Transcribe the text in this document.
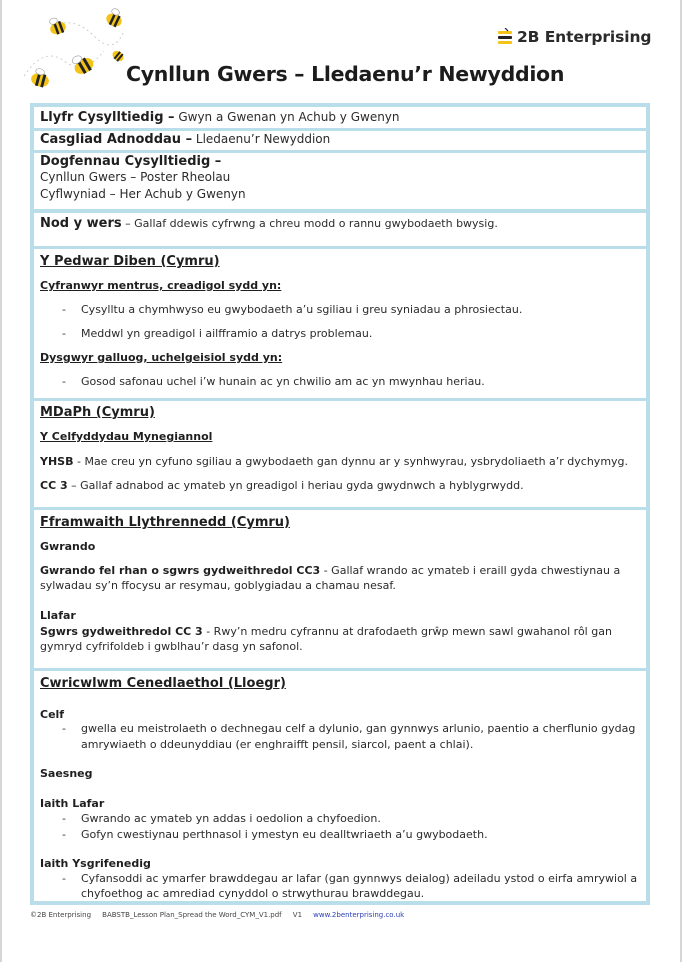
2B Enterprising
Cynllun Gwers – Lledaenu’r Newyddion
Llyfr Cysylltiedig – Gwyn a Gwenan yn Achub y Gwenyn
Casgliad Adnoddau – Lledaenu’r Newyddion
Dogfennau Cysylltiedig –
Cynllun Gwers – Poster Rheolau
Cyflwyniad – Her Achub y Gwenyn
Nod y wers – Gallaf ddewis cyfrwng a chreu modd o rannu gwybodaeth bwysig.
Y Pedwar Diben (Cymru)
Cyfranwyr mentrus, creadigol sydd yn:
- Cysylltu a chymhwyso eu gwybodaeth a’u sgiliau i greu syniadau a phrosiectau.
- Meddwl yn greadigol i ailfframio a datrys problemau.
Dysgwyr galluog, uchelgeisiol sydd yn:
- Gosod safonau uchel i’w hunain ac yn chwilio am ac yn mwynhau heriau.
MDaPh (Cymru)
Y Celfyddydau Mynegiannol
YHSB - Mae creu yn cyfuno sgiliau a gwybodaeth gan dynnu ar y synhwyrau, ysbrydoliaeth a’r dychymyg.
CC 3 – Gallaf adnabod ac ymateb yn greadigol i heriau gyda gwydnwch a hyblygrwydd.
Fframwaith Llythrennedd (Cymru)
Gwrando
Gwrando fel rhan o sgwrs gydweithredol CC3 - Gallaf wrando ac ymateb i eraill gyda chwestiynau a
sylwadau sy’n ffocysu ar resymau, goblygiadau a chamau nesaf.
Llafar
Sgwrs gydweithredol CC 3 - Rwy’n medru cyfrannu at drafodaeth grŵp mewn sawl gwahanol rôl gan
gymryd cyfrifoldeb i gwblhau’r dasg yn safonol.
Cwricwlwm Cenedlaethol (Lloegr)
Celf
- gwella eu meistrolaeth o dechnegau celf a dylunio, gan gynnwys arlunio, paentio a cherflunio gydag
amrywiaeth o ddeunyddiau (er enghraifft pensil, siarcol, paent a chlai).
Saesneg
Iaith Lafar
- Gwrando ac ymateb yn addas i oedolion a chyfoedion.
- Gofyn cwestiynau perthnasol i ymestyn eu dealltwriaeth a’u gwybodaeth.
Iaith Ysgrifenedig
- Cyfansoddi ac ymarfer brawddegau ar lafar (gan gynnwys deialog) adeiladu ystod o eirfa amrywiol a
chyfoethog ac amrediad cynyddol o strwythurau brawddegau.
©2B Enterprising BABSTB_Lesson Plan_Spread the Word_CYM_V1.pdf V1 www.2benterprising.co.uk
